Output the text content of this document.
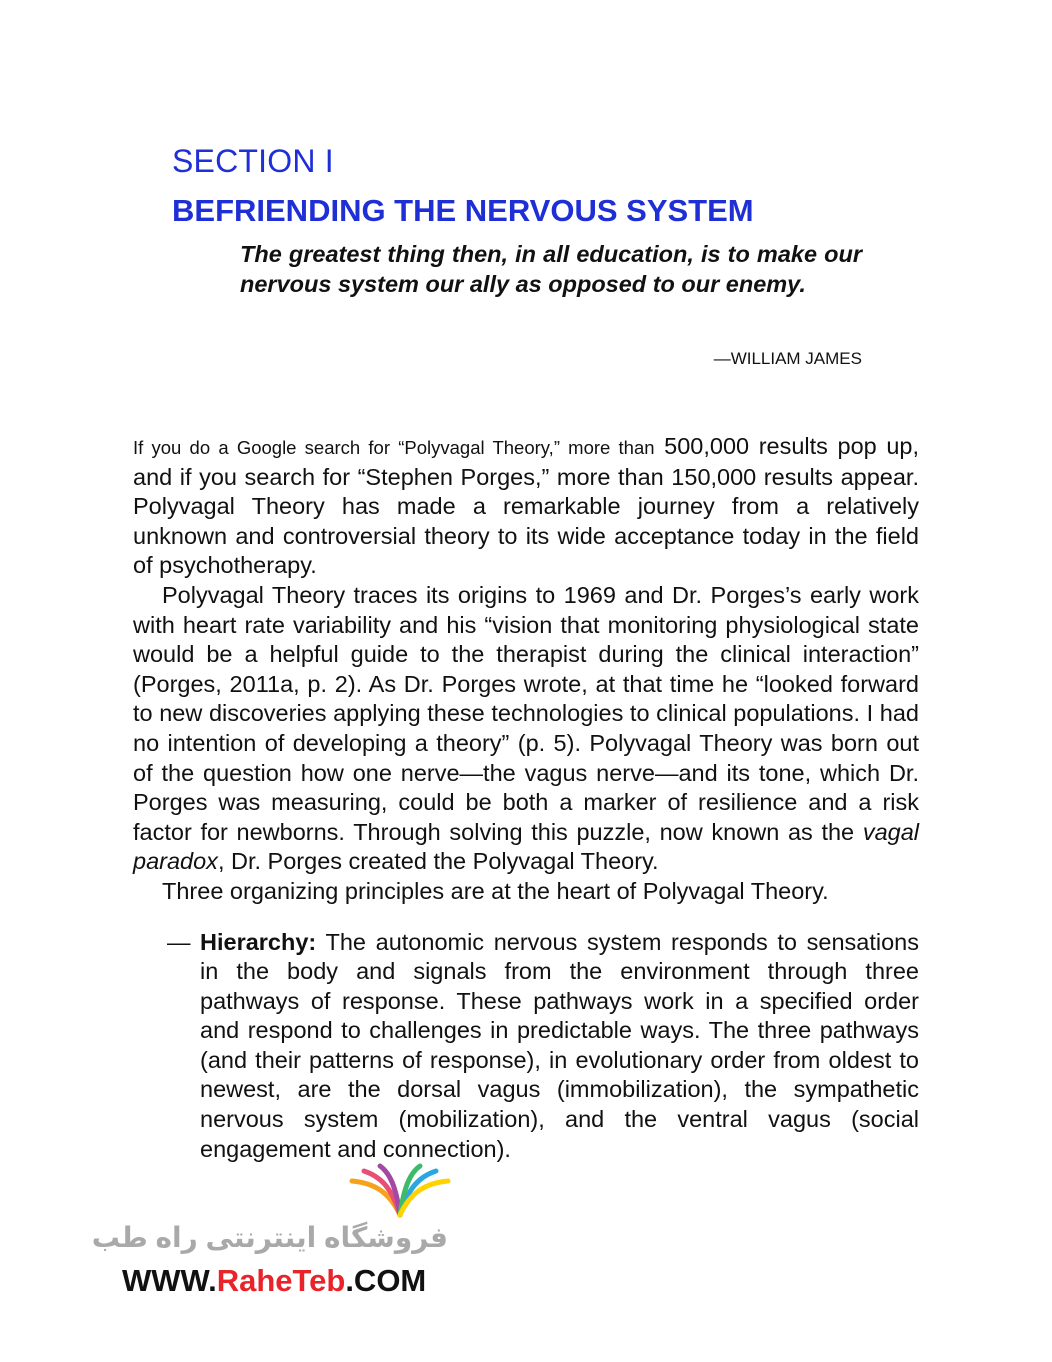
SECTION I
BEFRIENDING THE NERVOUS SYSTEM
The greatest thing then, in all education, is to make our nervous system our ally as opposed to our enemy.
—WILLIAM JAMES

If you do a Google search for “Polyvagal Theory,” more than 500,000 results pop up, and if you search for “Stephen Porges,” more than 150,000 results appear. Polyvagal Theory has made a remarkable journey from a relatively unknown and controversial theory to its wide acceptance today in the field of psychotherapy.

Polyvagal Theory traces its origins to 1969 and Dr. Porges’s early work with heart rate variability and his “vision that monitoring physiological state would be a helpful guide to the therapist during the clinical interaction” (Porges, 2011a, p. 2). As Dr. Porges wrote, at that time he “looked forward to new discoveries applying these technologies to clinical populations. I had no intention of developing a theory” (p. 5). Polyvagal Theory was born out of the question how one nerve—the vagus nerve—and its tone, which Dr. Porges was measuring, could be both a marker of resilience and a risk factor for newborns. Through solving this puzzle, now known as the vagal paradox, Dr. Porges created the Polyvagal Theory.

Three organizing principles are at the heart of Polyvagal Theory.

— Hierarchy: The autonomic nervous system responds to sensations in the body and signals from the environment through three pathways of response. These pathways work in a specified order and respond to challenges in predictable ways. The three pathways (and their patterns of response), in evolutionary order from oldest to newest, are the dorsal vagus (immobilization), the sympathetic nervous system (mobilization), and the ventral vagus (social engagement and connection).
فروشگاه اینترنتی راه طب
WWW.RaheTeb.COM
